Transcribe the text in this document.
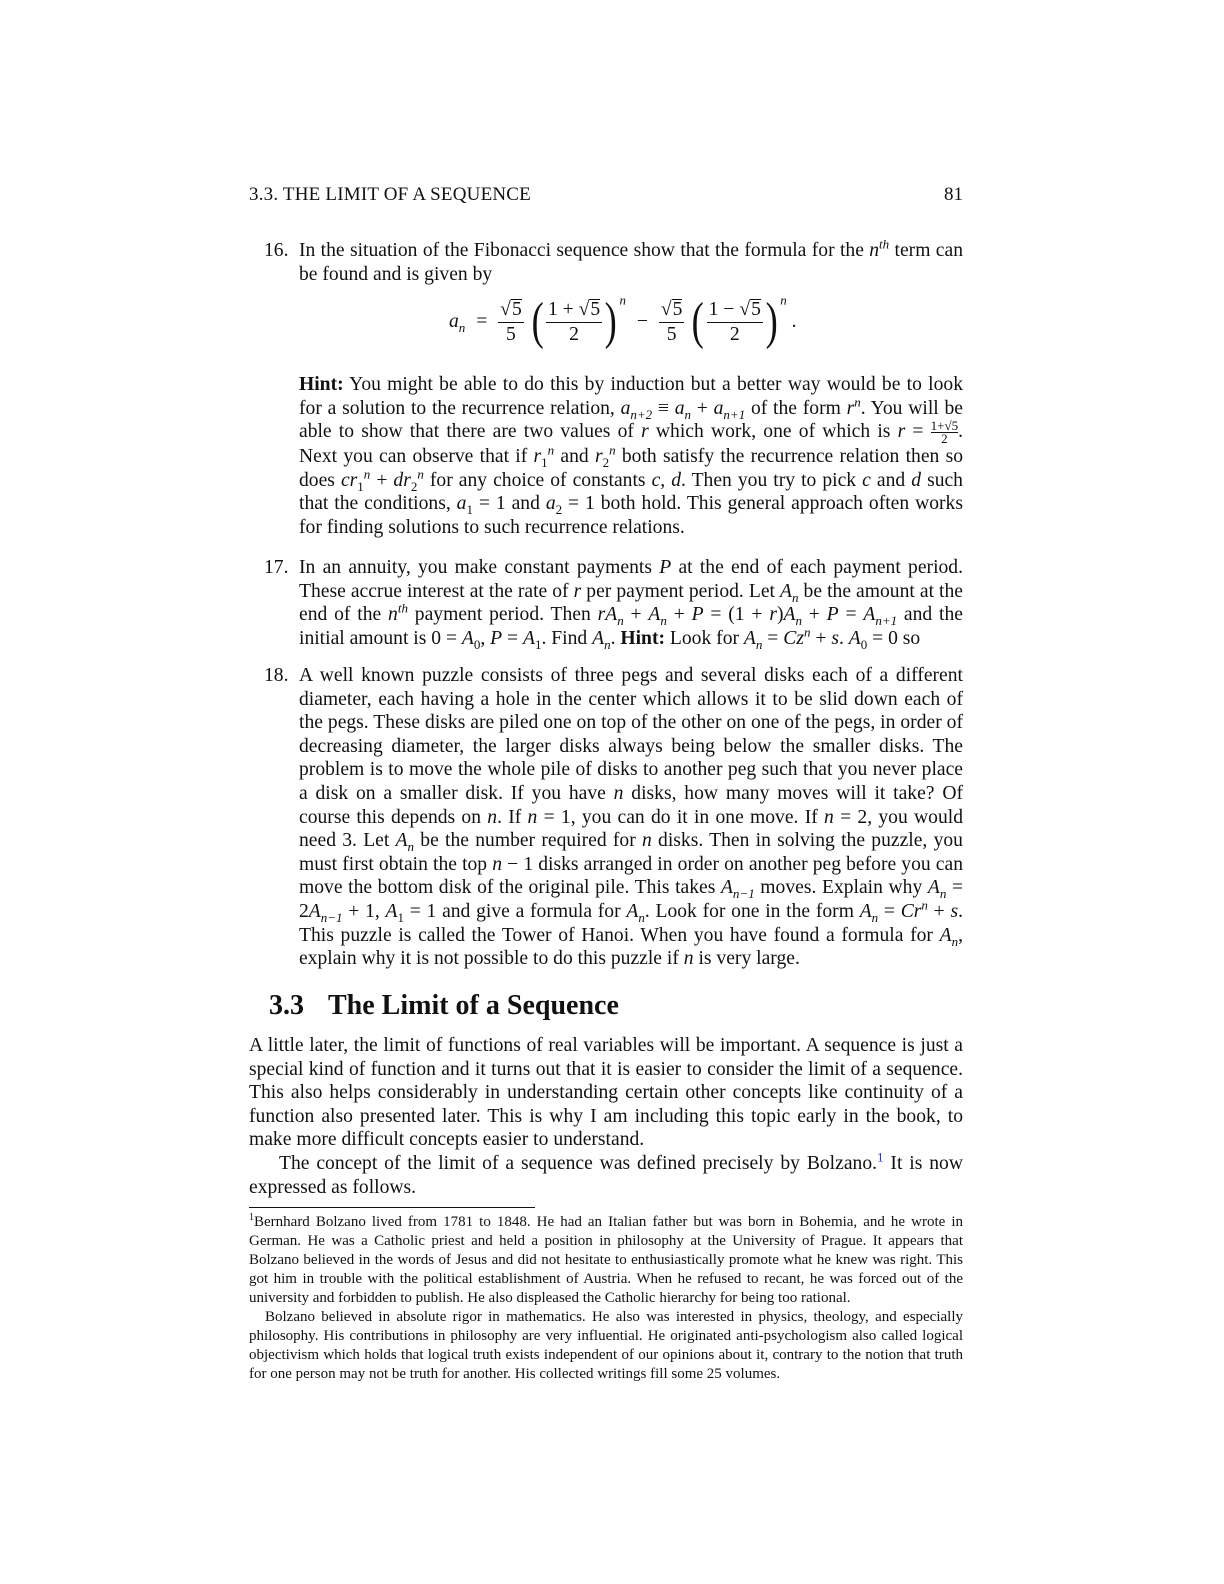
3.3. THE LIMIT OF A SEQUENCE	81
16. In the situation of the Fibonacci sequence show that the formula for the $n^{th}$ term can be found and is given by

$a_n = \frac{√5}{5}$ ( $\frac{1 + √5}{2}$ ) $^n - \frac{√5}{5}$ ( $\frac{1 - √5}{2}$ ) $^n$ .

Hint: You might be able to do this by induction but a better way would be to look for a solution to the recurrence relation, $a_{n+2} \equiv a_n + a_{n+1}$ of the form $r^n$. You will be able to show that there are two values of r which work, one of which is $r = \frac{1+√5}{2}$ . Next you can observe that if $r_1^n$ and $r_2^n$ both satisfy the recurrence relation then so does $cr_1^n + dr_2^n$ for any choice of constants c, d. Then you try to pick c and d such that the conditions, $a_1 = 1$ and $a_2 = 1$ both hold. This general approach often works for finding solutions to such recurrence relations.

17. In an annuity, you make constant payments P at the end of each payment period. These accrue interest at the rate of r per payment period. Let $A_n$ be the amount at the end of the $n^{th}$ payment period. Then $rA_n + A_n + P = (1 + r)A_n + P = A_{n+1}$ and the initial amount is $0 = A_0$, $P = A_1$. Find $A_n$. Hint: Look for $A_n = Cz^n + s$. $A_0 = 0$ so

18. A well known puzzle consists of three pegs and several disks each of a different diameter, each having a hole in the center which allows it to be slid down each of the pegs. These disks are piled one on top of the other on one of the pegs, in order of decreasing diameter, the larger disks always being below the smaller disks. The problem is to move the whole pile of disks to another peg such that you never place a disk on a smaller disk. If you have n disks, how many moves will it take? Of course this depends on n. If n = 1, you can do it in one move. If n = 2, you would need 3. Let $A_n$ be the number required for n disks. Then in solving the puzzle, you must first obtain the top n − 1 disks arranged in order on another peg before you can move the bottom disk of the original pile. This takes $A_{n-1}$ moves. Explain why $A_n = 2A_{n-1} + 1$, $A_1 = 1$ and give a formula for $A_n$. Look for one in the form $A_n = Cr^n + s$. This puzzle is called the Tower of Hanoi. When you have found a formula for $A_n$, explain why it is not possible to do this puzzle if n is very large.

3.3 The Limit of a Sequence

A little later, the limit of functions of real variables will be important. A sequence is just a special kind of function and it turns out that it is easier to consider the limit of a sequence. This also helps considerably in understanding certain other concepts like continuity of a function also presented later. This is why I am including this topic early in the book, to make more difficult concepts easier to understand.

The concept of the limit of a sequence was defined precisely by Bolzano.$^1$ It is now expressed as follows.

$^1$Bernhard Bolzano lived from 1781 to 1848. He had an Italian father but was born in Bohemia, and he wrote in German. He was a Catholic priest and held a position in philosophy at the University of Prague. It appears that Bolzano believed in the words of Jesus and did not hesitate to enthusiastically promote what he knew was right. This got him in trouble with the political establishment of Austria. When he refused to recant, he was forced out of the university and forbidden to publish. He also displeased the Catholic hierarchy for being too rational.

Bolzano believed in absolute rigor in mathematics. He also was interested in physics, theology, and especially philosophy. His contributions in philosophy are very influential. He originated anti-psychologism also called logical objectivism which holds that logical truth exists independent of our opinions about it, contrary to the notion that truth for one person may not be truth for another. His collected writings fill some 25 volumes.
